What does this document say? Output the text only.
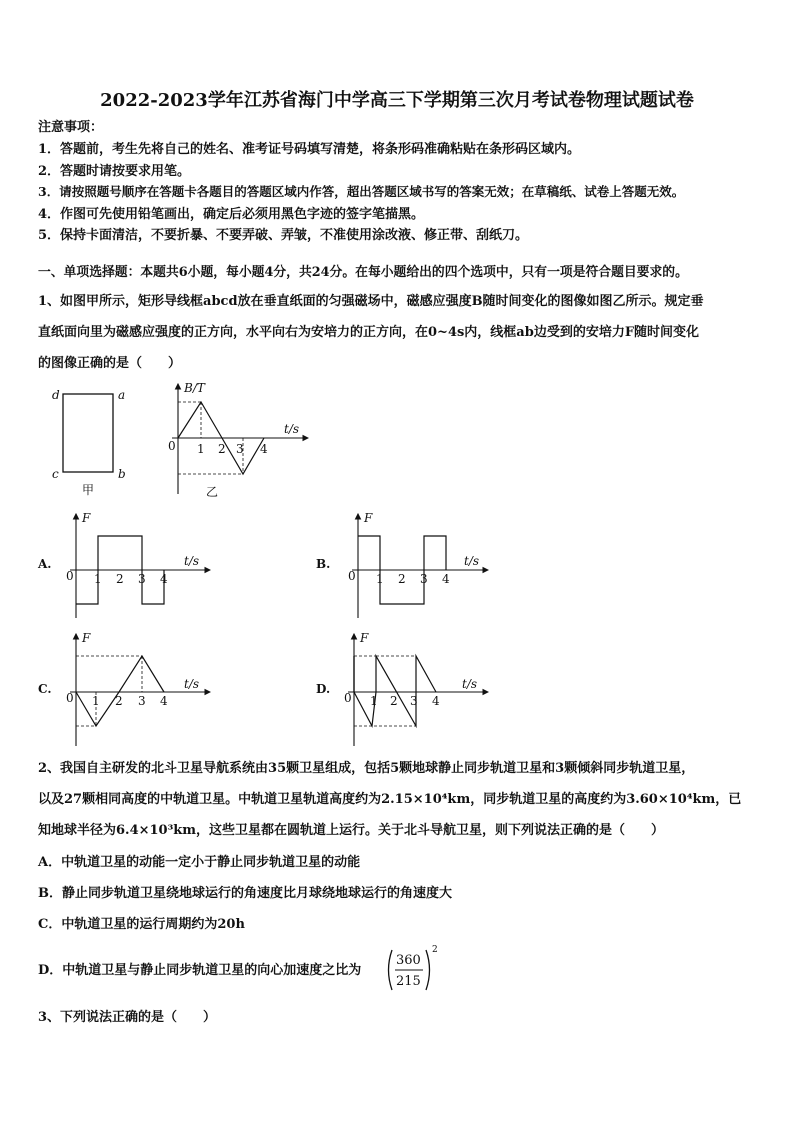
2022-2023学年江苏省海门中学高三下学期第三次月考试卷物理试题试卷
注意事项：
1．答题前，考生先将自己的姓名、准考证号码填写清楚，将条形码准确粘贴在条形码区域内。
2．答题时请按要求用笔。
3．请按照题号顺序在答题卡各题目的答题区域内作答，超出答题区域书写的答案无效；在草稿纸、试卷上答题无效。
4．作图可先使用铅笔画出，确定后必须用黑色字迹的签字笔描黑。
5．保持卡面清洁，不要折暴、不要弄破、弄皱，不准使用涂改液、修正带、刮纸刀。
一、单项选择题：本题共6小题，每小题4分，共24分。在每小题给出的四个选项中，只有一项是符合题目要求的。
1、如图甲所示，矩形导线框abcd放在垂直纸面的匀强磁场中，磁感应强度B随时间变化的图像如图乙所示。规定垂
直纸面向里为磁感应强度的正方向，水平向右为安培力的正方向，在0~4s内，线框ab边受到的安培力F随时间变化
的图像正确的是（　　）
d	a
c	b
甲
B/T
t/s
0 1 2 3 4
乙
A.
F
t/s
0 1 2 3 4
B.
F
t/s
0 1 2 3 4
C.
F
t/s
0 1 2 3 4
D.
F
t/s
0 1 2 3 4
2、我国自主研发的北斗卫星导航系统由35颗卫星组成，包括5颗地球静止同步轨道卫星和3颗倾斜同步轨道卫星，
以及27颗相同高度的中轨道卫星。中轨道卫星轨道高度约为2.15×10⁴km，同步轨道卫星的高度约为3.60×10⁴km，已
知地球半径为6.4×10³km，这些卫星都在圆轨道上运行。关于北斗导航卫星，则下列说法正确的是（　　）
A．中轨道卫星的动能一定小于静止同步轨道卫星的动能
B．静止同步轨道卫星绕地球运行的角速度比月球绕地球运行的角速度大
C．中轨道卫星的运行周期约为20h
D．中轨道卫星与静止同步轨道卫星的向心加速度之比为
360
215
2
3、下列说法正确的是（　　）
